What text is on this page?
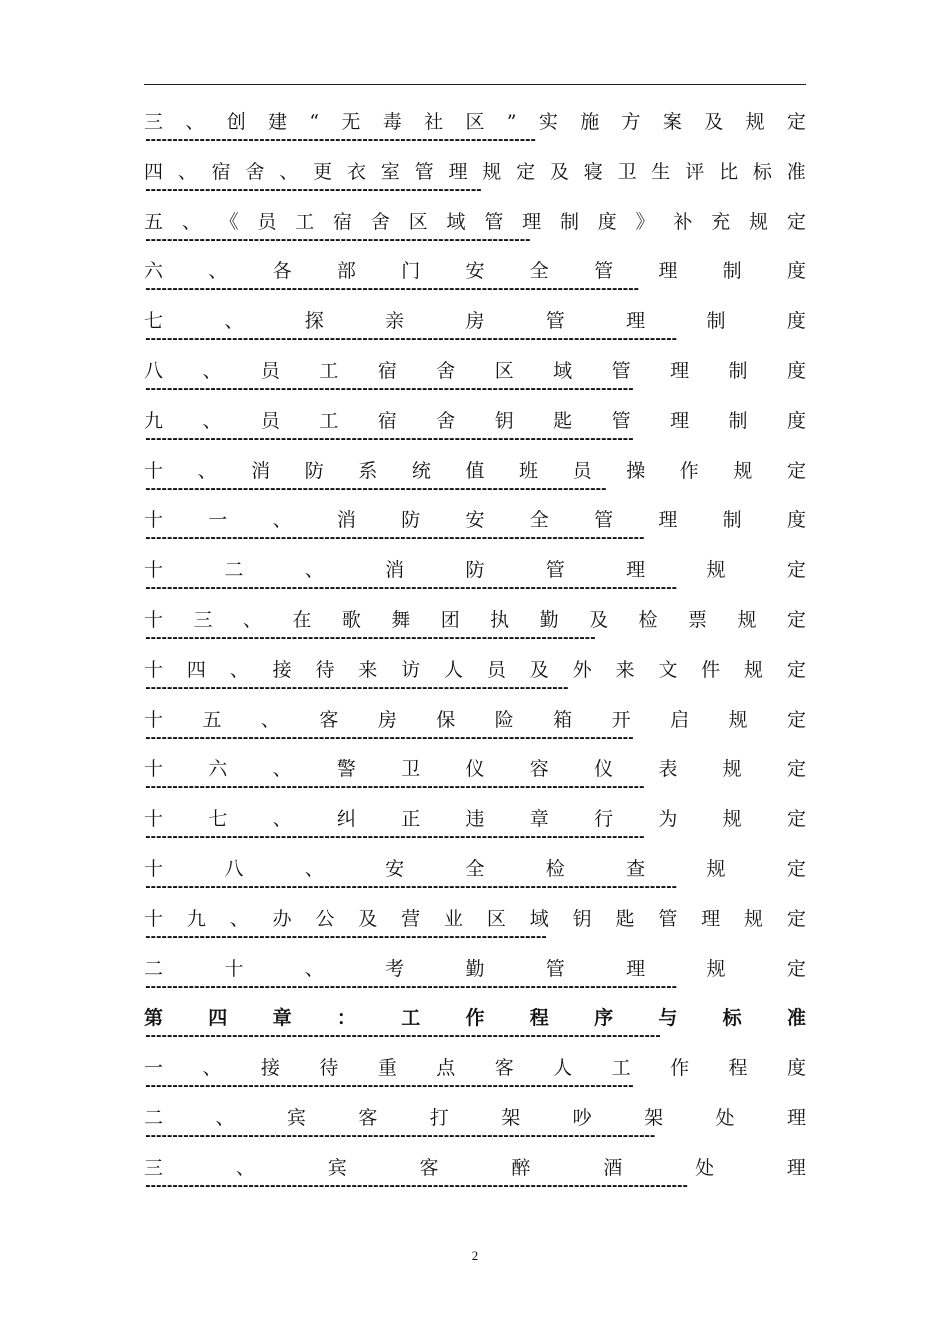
三 、 创 建 “ 无 毒 社 区 ” 实 施 方 案 及 规 定
------------------------------------------------------------------------
四 、 宿 舍 、 更 衣 室 管 理 规 定 及 寝 卫 生 评 比 标 准
--------------------------------------------------------------
五 、 《 员 工 宿 舍 区 域 管 理 制 度 》 补 充 规 定
-----------------------------------------------------------------------
六 、 各 部 门 安 全 管 理 制 度
-------------------------------------------------------------------------------------------
七	、	探	亲	房	管	理	制	度
--------------------------------------------------------------------------------------------------
八 、 员 工 宿 舍 区 域 管 理 制 度
------------------------------------------------------------------------------------------
九 、 员 工 宿 舍 钥 匙 管 理 制 度
------------------------------------------------------------------------------------------
十 、 消 防 系 统 值 班 员 操 作 规 定
-------------------------------------------------------------------------------------
十 一 、 消 防 安 全 管 理 制 度
--------------------------------------------------------------------------------------------
十	二	、	消	防	管	理	规	定
--------------------------------------------------------------------------------------------------
十 三 、 在 歌 舞 团 执 勤 及 检 票 规 定
-----------------------------------------------------------------------------------
十 四 、 接 待 来 访 人 员 及 外 来 文 件 规 定
------------------------------------------------------------------------------
十 五 、 客 房 保 险 箱 开 启 规 定
------------------------------------------------------------------------------------------
十 六 、 警 卫 仪 容 仪 表 规 定
--------------------------------------------------------------------------------------------
十 七 、 纠 正 违 章 行 为 规 定
--------------------------------------------------------------------------------------------
十	八	、	安	全	检	查	规	定
--------------------------------------------------------------------------------------------------
十 九 、 办 公 及 营 业 区 域 钥 匙 管 理 规 定
--------------------------------------------------------------------------
二	十	、	考	勤	管	理	规	定
--------------------------------------------------------------------------------------------------
第 四 章 ： 工 作 程 序 与 标 准
-----------------------------------------------------------------------------------------------
一 、 接 待 重 点 客 人 工 作 程 度
------------------------------------------------------------------------------------------
二	、	宾	客	打	架	吵	架	处	理
----------------------------------------------------------------------------------------------
三	、	宾	客	醉	酒	处	理
----------------------------------------------------------------------------------------------------
2
